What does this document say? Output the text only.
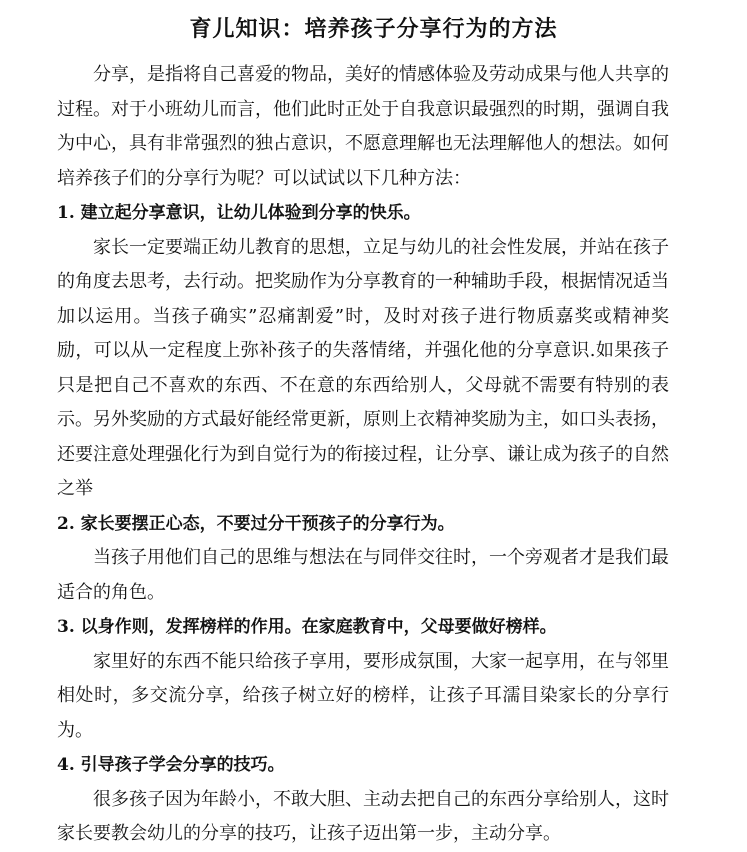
育儿知识：培养孩子分享行为的方法

分享，是指将自己喜爱的物品，美好的情感体验及劳动成果与他人共享的过程。对于小班幼儿而言，他们此时正处于自我意识最强烈的时期，强调自我为中心，具有非常强烈的独占意识，不愿意理解也无法理解他人的想法。如何培养孩子们的分享行为呢？可以试试以下几种方法：

1. 建立起分享意识，让幼儿体验到分享的快乐。

家长一定要端正幼儿教育的思想，立足与幼儿的社会性发展，并站在孩子的角度去思考，去行动。把奖励作为分享教育的一种辅助手段，根据情况适当加以运用。当孩子确实”忍痛割爱”时，及时对孩子进行物质嘉奖或精神奖励，可以从一定程度上弥补孩子的失落情绪，并强化他的分享意识.如果孩子只是把自己不喜欢的东西、不在意的东西给别人，父母就不需要有特别的表示。另外奖励的方式最好能经常更新，原则上衣精神奖励为主，如口头表扬，还要注意处理强化行为到自觉行为的衔接过程，让分享、谦让成为孩子的自然之举

2. 家长要摆正心态，不要过分干预孩子的分享行为。

当孩子用他们自己的思维与想法在与同伴交往时，一个旁观者才是我们最适合的角色。

3. 以身作则，发挥榜样的作用。在家庭教育中，父母要做好榜样。

家里好的东西不能只给孩子享用，要形成氛围，大家一起享用，在与邻里相处时，多交流分享，给孩子树立好的榜样，让孩子耳濡目染家长的分享行为。

4. 引导孩子学会分享的技巧。

很多孩子因为年龄小，不敢大胆、主动去把自己的东西分享给别人，这时家长要教会幼儿的分享的技巧，让孩子迈出第一步，主动分享。
